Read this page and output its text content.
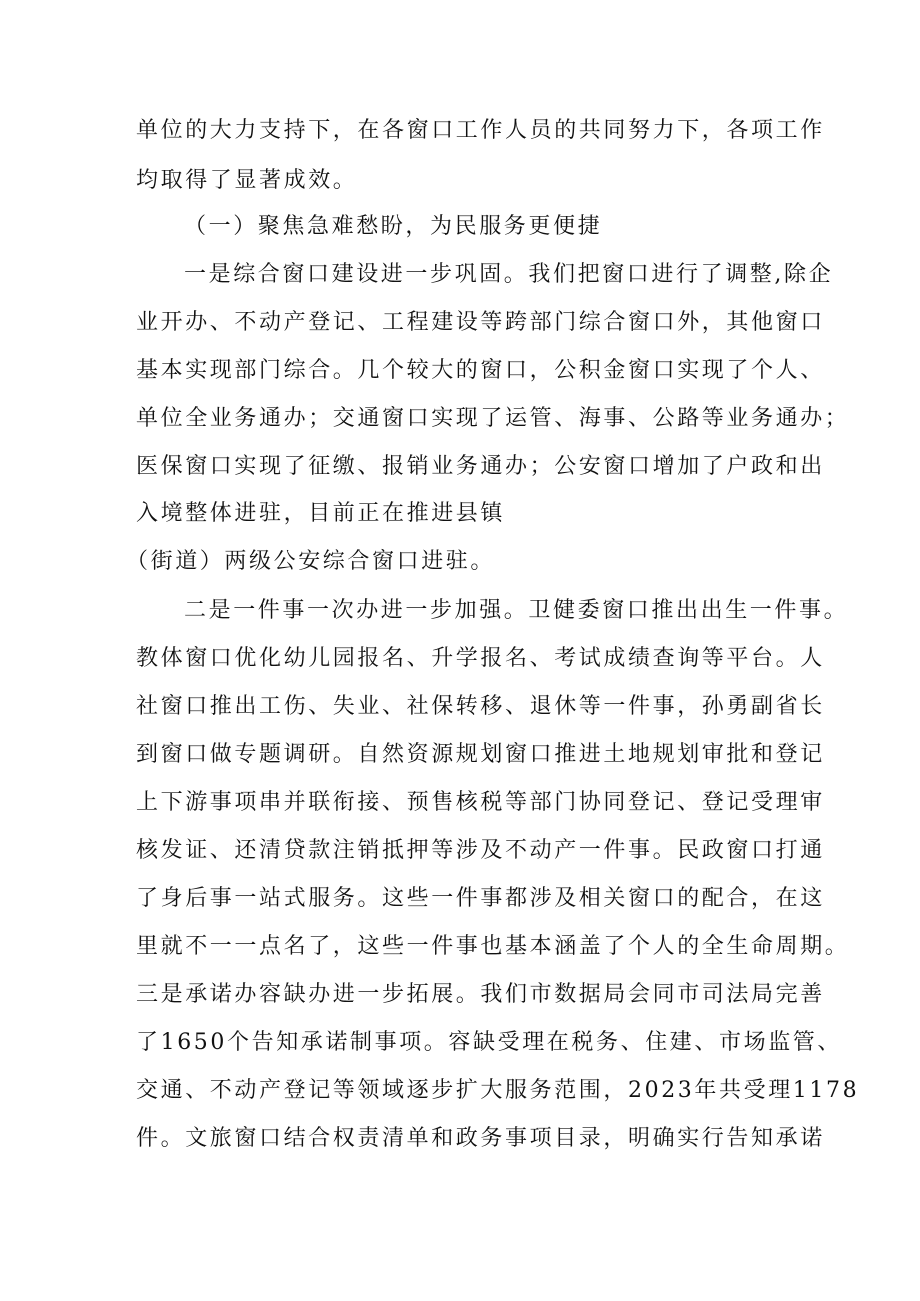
单位的大力支持下，在各窗口工作人员的共同努力下，各项工作
均取得了显著成效。
（一）聚焦急难愁盼，为民服务更便捷
一是综合窗口建设进一步巩固。我们把窗口进行了调整,除企
业开办、不动产登记、工程建设等跨部门综合窗口外，其他窗口
基本实现部门综合。几个较大的窗口，公积金窗口实现了个人、
单位全业务通办；交通窗口实现了运管、海事、公路等业务通办；
医保窗口实现了征缴、报销业务通办；公安窗口增加了户政和出
入境整体进驻，目前正在推进县镇
（街道）两级公安综合窗口进驻。
二是一件事一次办进一步加强。卫健委窗口推出出生一件事。
教体窗口优化幼儿园报名、升学报名、考试成绩查询等平台。人
社窗口推出工伤、失业、社保转移、退休等一件事，孙勇副省长
到窗口做专题调研。自然资源规划窗口推进土地规划审批和登记
上下游事项串并联衔接、预售核税等部门协同登记、登记受理审
核发证、还清贷款注销抵押等涉及不动产一件事。民政窗口打通
了身后事一站式服务。这些一件事都涉及相关窗口的配合，在这
里就不一一点名了，这些一件事也基本涵盖了个人的全生命周期。
三是承诺办容缺办进一步拓展。我们市数据局会同市司法局完善
了1650个告知承诺制事项。容缺受理在税务、住建、市场监管、
交通、不动产登记等领域逐步扩大服务范围，2023年共受理1178
件。文旅窗口结合权责清单和政务事项目录，明确实行告知承诺
